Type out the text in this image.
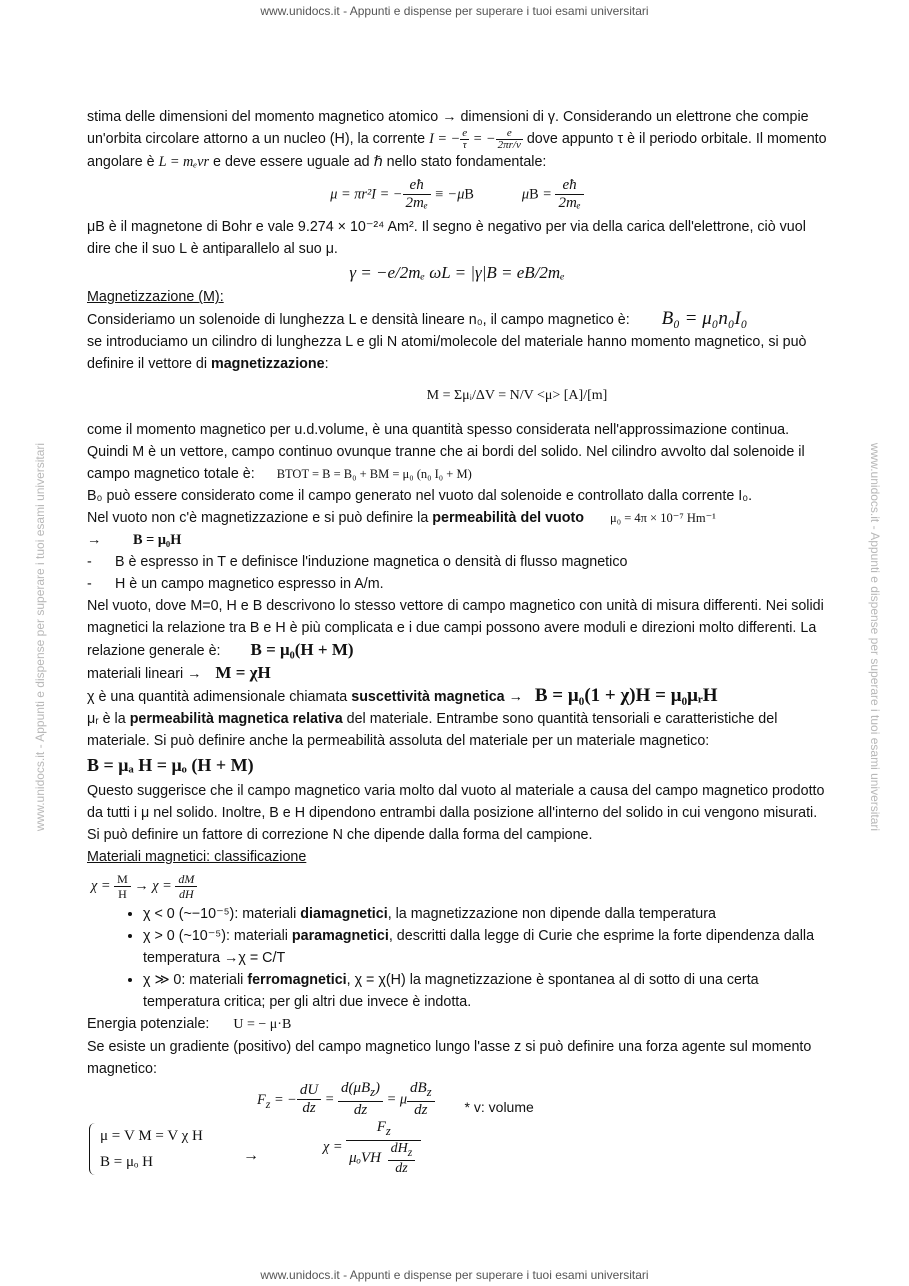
www.unidocs.it - Appunti e dispense per superare i tuoi esami universitari
www.unidocs.it - Appunti e dispense per superare i tuoi esami universitari	www.unidocs.it - Appunti e dispense per superare i tuoi esami universitari

stima delle dimensioni del momento magnetico atomico → dimensioni di γ. Considerando un elettrone che compie un'orbita circolare attorno a un nucleo (H), la corrente I = − $\frac{e}{\tau}$ = − $\frac{e}{2\pi r/v}$ dove appunto τ è il periodo orbitale. Il momento angolare è L = mₑvr e deve essere uguale ad ℏ nello stato fondamentale:

μ = πr²I = − $\frac{eħ}{\text{2mₑ}} \equiv -\mu B$	$\mu B = \frac{eħ}{\text{2mₑ}}$

μB è il magnetone di Bohr e vale 9.274 × 10⁻²⁴ Am². Il segno è negativo per via della carica dell'elettrone, ciò vuol dire che il suo L è antiparallelo al suo μ.

γ = −e/2mₑ ωL = |γ|B = eB/2mₑ

Magnetizzazione (M):

Consideriamo un solenoide di lunghezza L e densità lineare n₀, il campo magnetico è: B₀ = μ₀n₀I₀

se introduciamo un cilindro di lunghezza L e gli N atomi/molecole del materiale hanno momento magnetico, si può definire il vettore di magnetizzazione:

M = Σμᵢ/ΔV = N/V <μ> [A]/[m]

come il momento magnetico per u.d.volume, è una quantità spesso considerata nell'approssimazione continua. Quindi M è un vettore, campo continuo ovunque tranne che ai bordi del solido. Nel cilindro avvolto dal solenoide il campo magnetico totale è: BTOT = B = B₀ + BM = μ₀ (n₀ I₀ + M)

B₀ può essere considerato come il campo generato nel vuoto dal solenoide e controllato dalla corrente I₀.

Nel vuoto non c'è magnetizzazione e si può definire la permeabilità del vuoto μ₀ = 4π × 10⁻⁷ Hm⁻¹

→ B = μ₀H

- B è espresso in T e definisce l'induzione magnetica o densità di flusso magnetico
- H è un campo magnetico espresso in A/m.

Nel vuoto, dove M=0, H e B descrivono lo stesso vettore di campo magnetico con unità di misura differenti. Nei solidi magnetici la relazione tra B e H è più complicata e i due campi possono avere moduli e direzioni molto differenti. La relazione generale è: B = μ₀(H + M)

materiali lineari → M = χH

χ è una quantità adimensionale chiamata suscettività magnetica → B = μ₀(1 + χ)H = μ₀μᵣH

μᵣ è la permeabilità magnetica relativa del materiale. Entrambe sono quantità tensoriali e caratteristiche del materiale. Si può definire anche la permeabilità assoluta del materiale per un materiale magnetico:

B = μₐ H = μₒ (H + M)

Questo suggerisce che il campo magnetico varia molto dal vuoto al materiale a causa del campo magnetico prodotto da tutti i μ nel solido. Inoltre, B e H dipendono entrambi dalla posizione all'interno del solido in cui vengono misurati. Si può definire un fattore di correzione N che dipende dalla forma del campione.

Materiali magnetici: classificazione

$\chi = \frac{M}{H} \to \chi = \frac{dM}{dH}$

• χ < 0 (~−10⁻⁵): materiali diamagnetici, la magnetizzazione non dipende dalla temperatura
• χ > 0 (~10⁻⁵): materiali paramagnetici, descritti dalla legge di Curie che esprime la forte dipendenza dalla temperatura →χ = C/T
• χ ≫ 0: materiali ferromagnetici, χ = χ(H) la magnetizzazione è spontanea al di sotto di una certa temperatura critica; per gli altri due invece è indotta.

Energia potenziale: U = − μ·B

Se esiste un gradiente (positivo) del campo magnetico lungo l'asse z si può definire una forza agente sul momento magnetico:

$F_z$ = − $\frac{dU}{dz}$ =
$d(\mu B_z)$
dz
= μ
$dB_z$
dz	* v: volume
μ = V M = V χ H
B = μₒ H	→	χ =
$F_z$
μₒVH
$dH_z$
dz
www.unidocs.it - Appunti e dispense per superare i tuoi esami universitari
